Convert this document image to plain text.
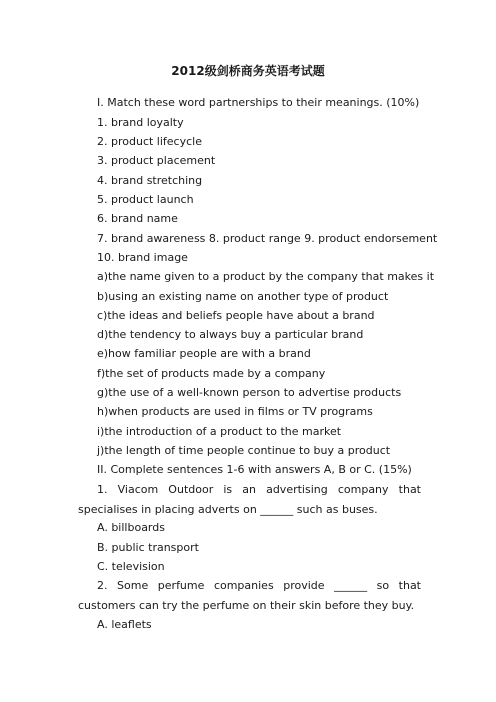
2012级剑桥商务英语考试题
I. Match these word partnerships to their meanings. (10%)
1. brand loyalty
2. product lifecycle
3. product placement
4. brand stretching
5. product launch
6. brand name
7. brand awareness 8. product range 9. product endorsement
10. brand image
a)the name given to a product by the company that makes it
b)using an existing name on another type of product
c)the ideas and beliefs people have about a brand
d)the tendency to always buy a particular brand
e)how familiar people are with a brand
f)the set of products made by a company
g)the use of a well-known person to advertise products
h)when products are used in films or TV programs
i)the introduction of a product to the market
j)the length of time people continue to buy a product
II. Complete sentences 1-6 with answers A, B or C. (15%)
1. Viacom Outdoor is an advertising company that specialises in placing adverts on ______ such as buses.
A. billboards
B. public transport
C. television
2. Some perfume companies provide ______ so that customers can try the perfume on their skin before they buy.
A. leaflets
